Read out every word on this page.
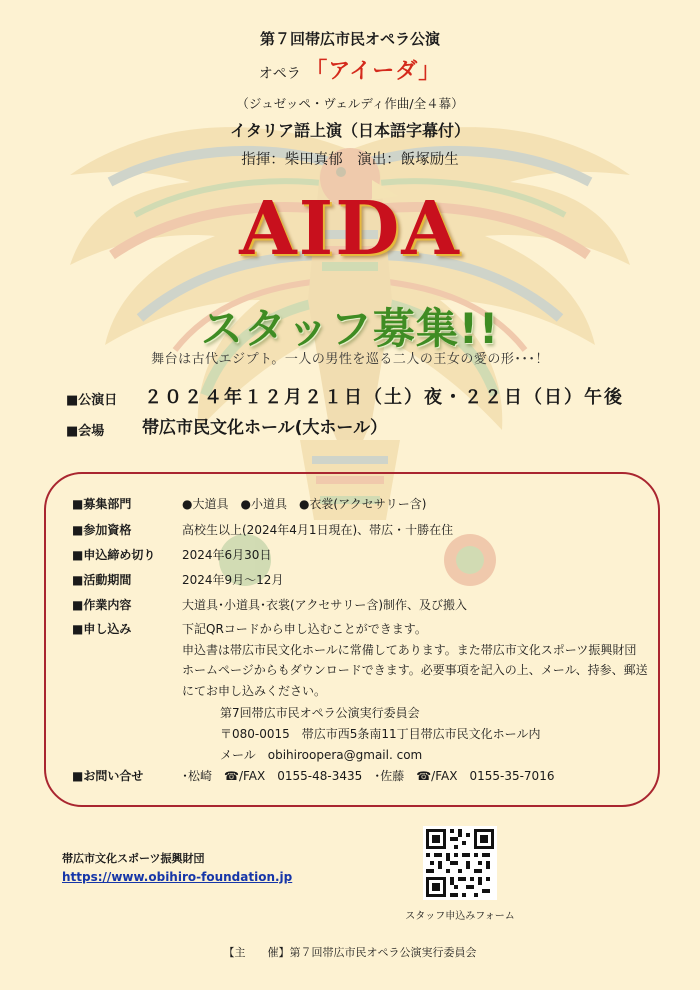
第７回帯広市民オペラ公演
オペラ 「アイーダ」
（ジュゼッペ・ヴェルディ作曲/全４幕）
イタリア語上演（日本語字幕付）
指揮：柴田真郁　演出：飯塚励生
AIDA
スタッフ募集!!
舞台は古代エジプト。一人の男性を巡る二人の王女の愛の形･･･！
■公演日 ２０２４年１２月２１日（土）夜・２２日（日）午後
■会場 帯広市民文化ホール(大ホール）
■募集部門	●大道具　●小道具　●衣裳(アクセサリー含)
■参加資格	高校生以上(2024年4月1日現在)、帯広・十勝在住
■申込締め切り 2024年6月30日
■活動期間	2024年9月～12月
■作業内容	大道具･小道具･衣裳(アクセサリー含)制作、及び搬入
■申し込み	下記QRコードから申し込むことができます。
申込書は帯広市民文化ホールに常備してあります。また帯広市文化スポーツ振興財団
ホームページからもダウンロードできます。必要事項を記入の上、メール、持参、郵送
にてお申し込みください。
第7回帯広市民オペラ公演実行委員会
〒080-0015　帯広市西5条南11丁目帯広市民文化ホール内
メール　obihiroopera@gmail. com
■お問い合せ	･松崎　☎/FAX　0155-48-3435　･佐藤　☎/FAX　0155-35-7016
帯広市文化スポーツ振興財団
https://www.obihiro-foundation.jp
スタッフ申込みフォーム
【主　　催】第７回帯広市民オペラ公演実行委員会
